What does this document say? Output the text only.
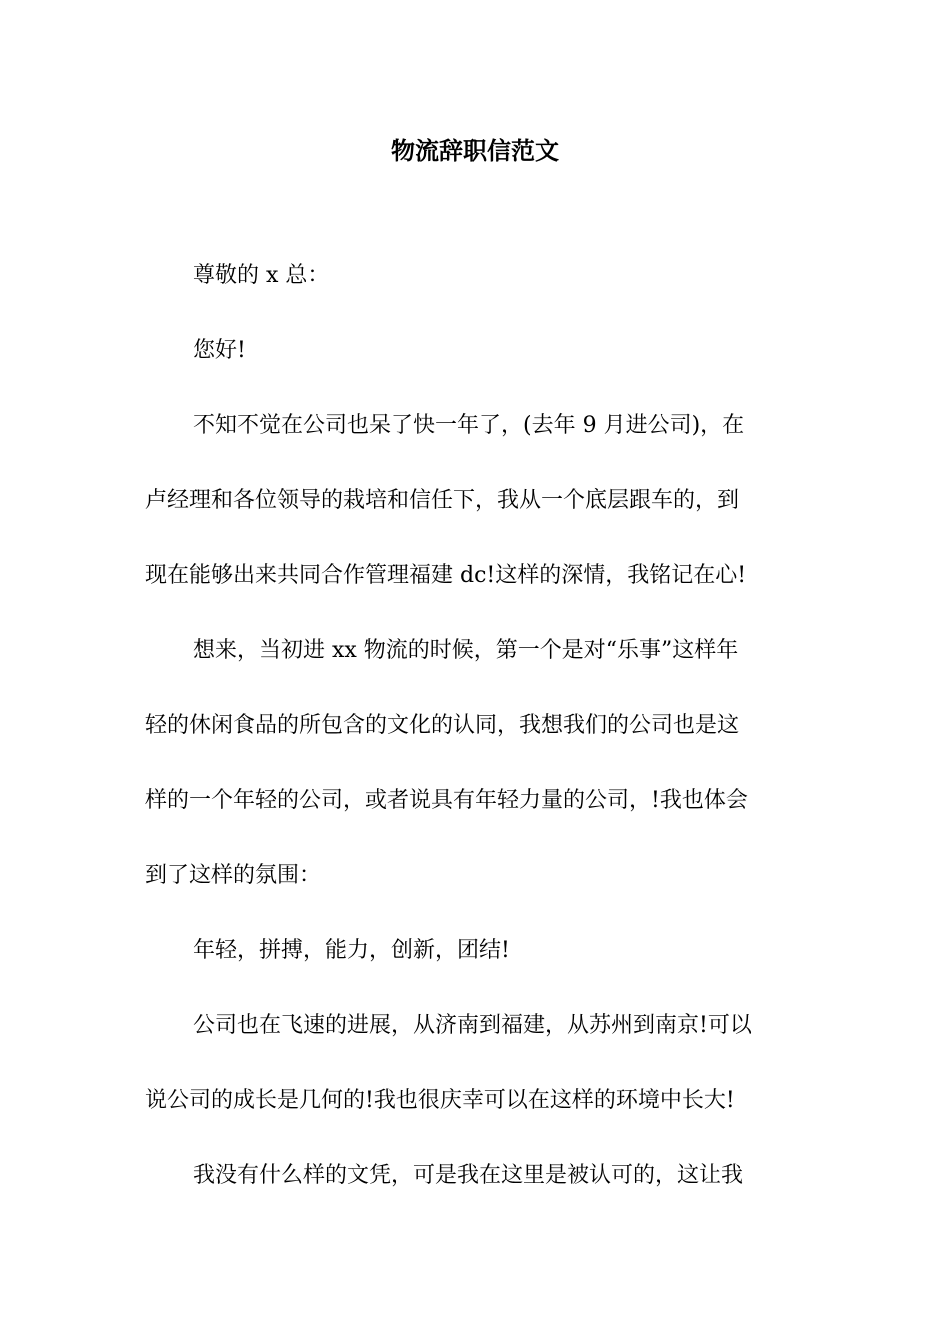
物流辞职信范文

尊敬的 x 总：

您好!

不知不觉在公司也呆了快一年了，(去年 9 月进公司)，在

卢经理和各位领导的栽培和信任下，我从一个底层跟车的，到

现在能够出来共同合作管理福建 dc!这样的深情，我铭记在心!

想来，当初进 xx 物流的时候，第一个是对“乐事”这样年

轻的休闲食品的所包含的文化的认同，我想我们的公司也是这

样的一个年轻的公司，或者说具有年轻力量的公司，!我也体会

到了这样的氛围：

年轻，拼搏，能力，创新，团结!

公司也在飞速的进展，从济南到福建，从苏州到南京!可以

说公司的成长是几何的!我也很庆幸可以在这样的环境中长大!

我没有什么样的文凭，可是我在这里是被认可的，这让我
